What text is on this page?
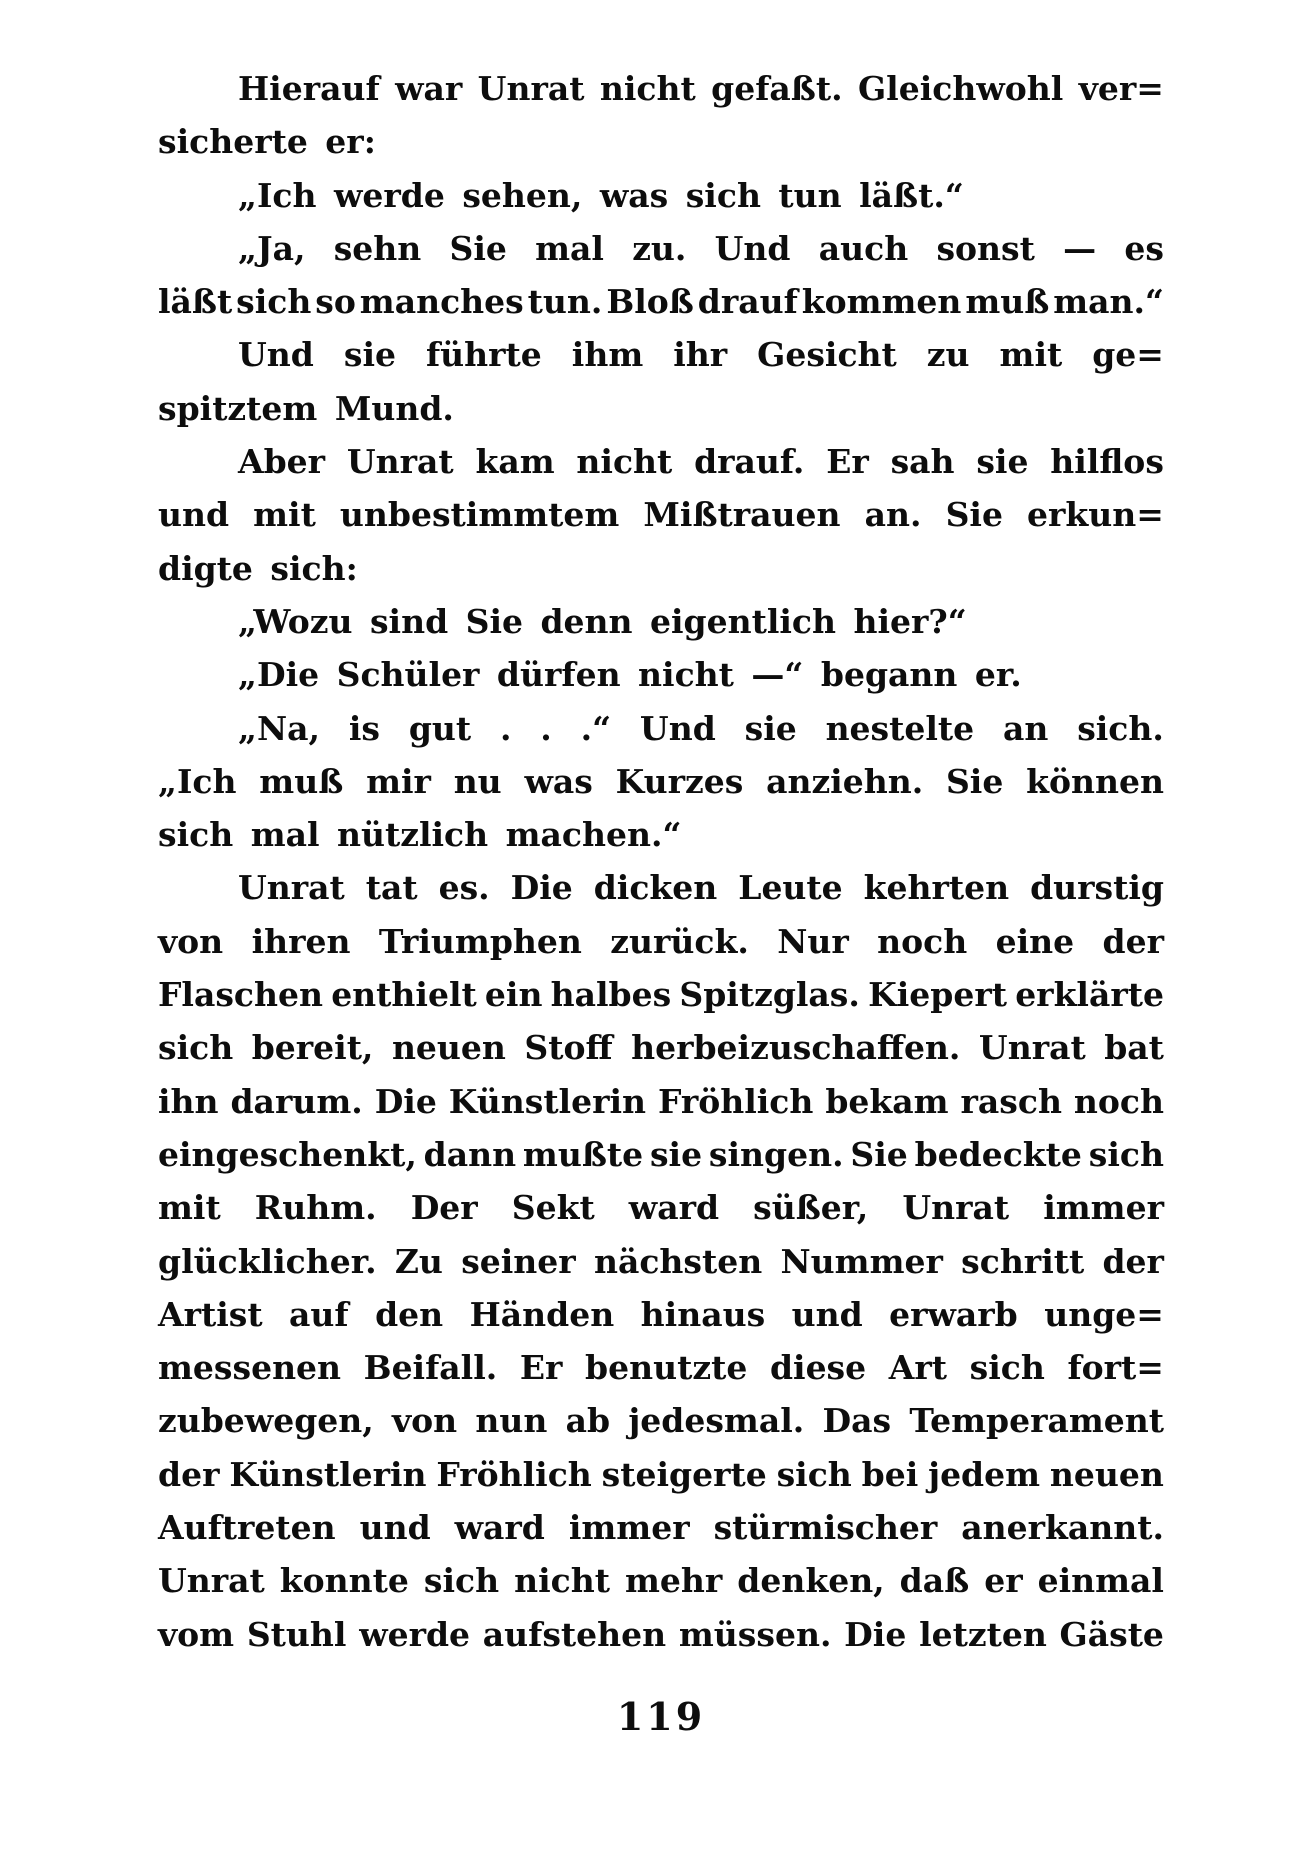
Hierauf war Unrat nicht gefaßt. Gleichwohl ver=
sicherte er:
„Ich werde sehen, was sich tun läßt.“
„Ja, sehn Sie mal zu. Und auch sonst — es
läßt sich so manches tun. Bloß drauf kommen muß man.“
Und sie führte ihm ihr Gesicht zu mit ge=
spitztem Mund.
Aber Unrat kam nicht drauf. Er sah sie hilflos
und mit unbestimmtem Mißtrauen an. Sie erkun=
digte sich:
„Wozu sind Sie denn eigentlich hier?“
„Die Schüler dürfen nicht —“ begann er.
„Na, is gut . . .“ Und sie nestelte an sich.
„Ich muß mir nu was Kurzes anziehn. Sie können
sich mal nützlich machen.“
Unrat tat es. Die dicken Leute kehrten durstig
von ihren Triumphen zurück. Nur noch eine der
Flaschen enthielt ein halbes Spitzglas. Kiepert erklärte
sich bereit, neuen Stoff herbeizuschaffen. Unrat bat
ihn darum. Die Künstlerin Fröhlich bekam rasch noch
eingeschenkt, dann mußte sie singen. Sie bedeckte sich
mit Ruhm. Der Sekt ward süßer, Unrat immer
glücklicher. Zu seiner nächsten Nummer schritt der
Artist auf den Händen hinaus und erwarb unge=
messenen Beifall. Er benutzte diese Art sich fort=
zubewegen, von nun ab jedesmal. Das Temperament
der Künstlerin Fröhlich steigerte sich bei jedem neuen
Auftreten und ward immer stürmischer anerkannt.
Unrat konnte sich nicht mehr denken, daß er einmal
vom Stuhl werde aufstehen müssen. Die letzten Gäste
119
